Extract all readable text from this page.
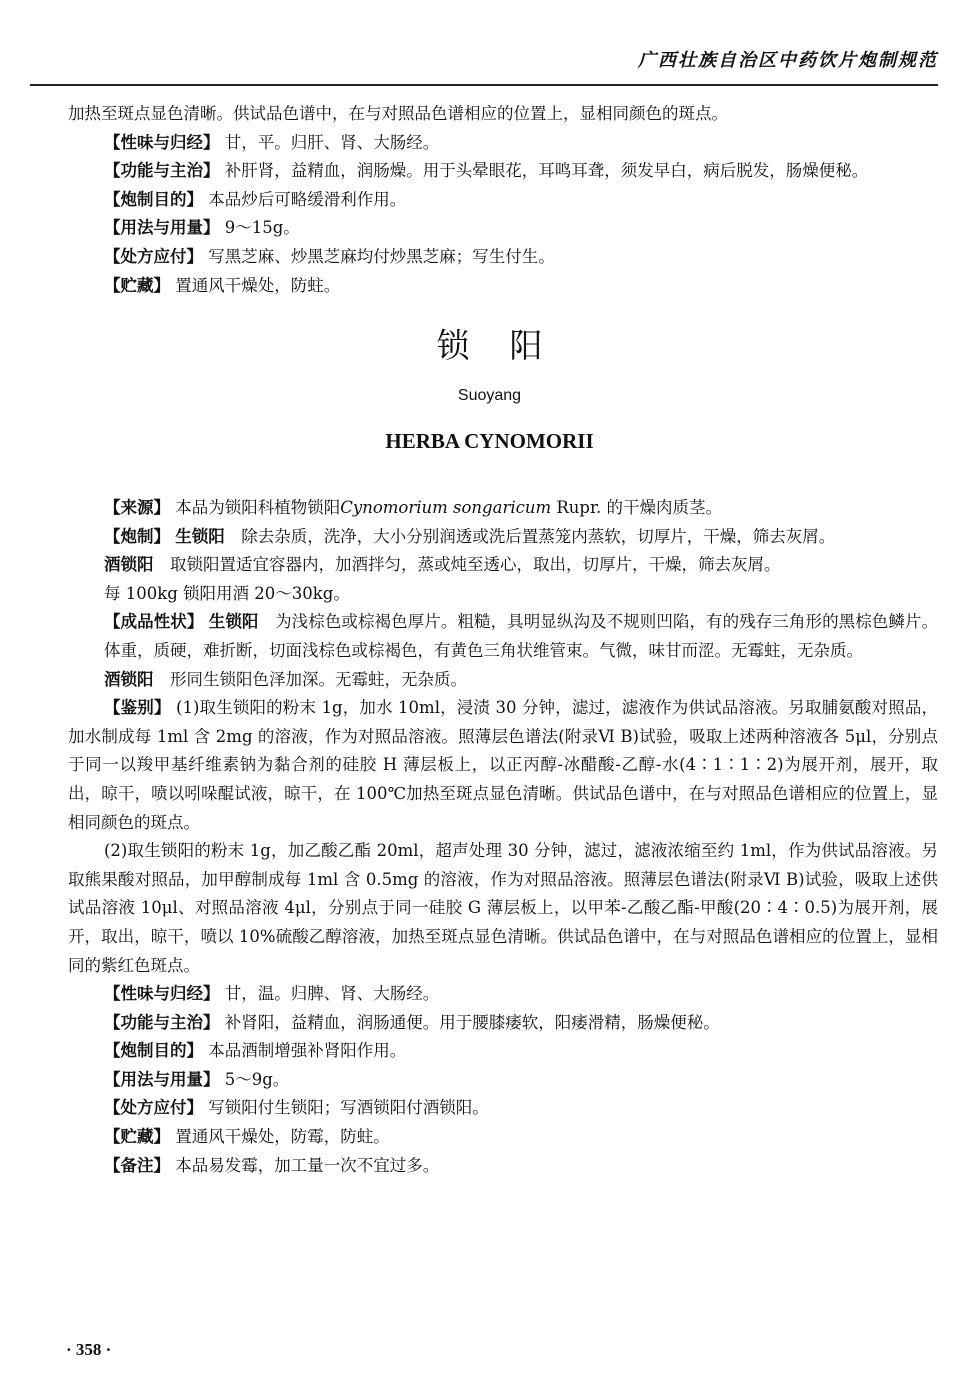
广西壮族自治区中药饮片炮制规范
加热至斑点显色清晰。供试品色谱中，在与对照品色谱相应的位置上，显相同颜色的斑点。
【性味与归经】 甘，平。归肝、肾、大肠经。
【功能与主治】 补肝肾，益精血，润肠燥。用于头晕眼花，耳鸣耳聋，须发早白，病后脱发，肠燥便秘。
【炮制目的】 本品炒后可略缓滑利作用。
【用法与用量】 9～15g。
【处方应付】 写黑芝麻、炒黑芝麻均付炒黑芝麻；写生付生。
【贮藏】 置通风干燥处，防蛀。
锁阳
Suoyang
HERBA CYNOMORII
【来源】 本品为锁阳科植物锁阳Cynomorium songaricum Rupr. 的干燥肉质茎。
【炮制】 生锁阳　 除去杂质，洗净，大小分别润透或洗后置蒸笼内蒸软，切厚片，干燥，筛去灰屑。
酒锁阳　 取锁阳置适宜容器内，加酒拌匀，蒸或炖至透心，取出，切厚片，干燥，筛去灰屑。
每 100kg 锁阳用酒 20～30kg。
【成品性状】 生锁阳　 为浅棕色或棕褐色厚片。粗糙，具明显纵沟及不规则凹陷，有的残存三角形的黑棕色鳞片。体重，质硬，难折断，切面浅棕色或棕褐色，有黄色三角状维管束。气微，味甘而涩。无霉蛀，无杂质。
酒锁阳　 形同生锁阳色泽加深。无霉蛀，无杂质。
【鉴别】 (1)取生锁阳的粉末 1g，加水 10ml，浸渍 30 分钟，滤过，滤液作为供试品溶液。另取脯氨酸对照品，加水制成每 1ml 含 2mg 的溶液，作为对照品溶液。照薄层色谱法(附录Ⅵ B)试验，吸取上述两种溶液各 5μl，分别点于同一以羧甲基纤维素钠为黏合剂的硅胶 H 薄层板上，以正丙醇-冰醋酸-乙醇-水(4∶1∶1∶2)为展开剂，展开，取出，晾干，喷以吲哚醌试液，晾干，在 100℃加热至斑点显色清晰。供试品色谱中，在与对照品色谱相应的位置上，显相同颜色的斑点。
(2)取生锁阳的粉末 1g，加乙酸乙酯 20ml，超声处理 30 分钟，滤过，滤液浓缩至约 1ml，作为供试品溶液。另取熊果酸对照品，加甲醇制成每 1ml 含 0.5mg 的溶液，作为对照品溶液。照薄层色谱法(附录Ⅵ B)试验，吸取上述供试品溶液 10μl、对照品溶液 4μl，分别点于同一硅胶 G 薄层板上，以甲苯-乙酸乙酯-甲酸(20∶4∶0.5)为展开剂，展开，取出，晾干，喷以 10%硫酸乙醇溶液，加热至斑点显色清晰。供试品色谱中，在与对照品色谱相应的位置上，显相同的紫红色斑点。
【性味与归经】 甘，温。归脾、肾、大肠经。
【功能与主治】 补肾阳，益精血，润肠通便。用于腰膝痿软，阳痿滑精，肠燥便秘。
【炮制目的】 本品酒制增强补肾阳作用。
【用法与用量】 5～9g。
【处方应付】 写锁阳付生锁阳；写酒锁阳付酒锁阳。
【贮藏】 置通风干燥处，防霉，防蛀。
【备注】 本品易发霉，加工量一次不宜过多。
· 358 ·
